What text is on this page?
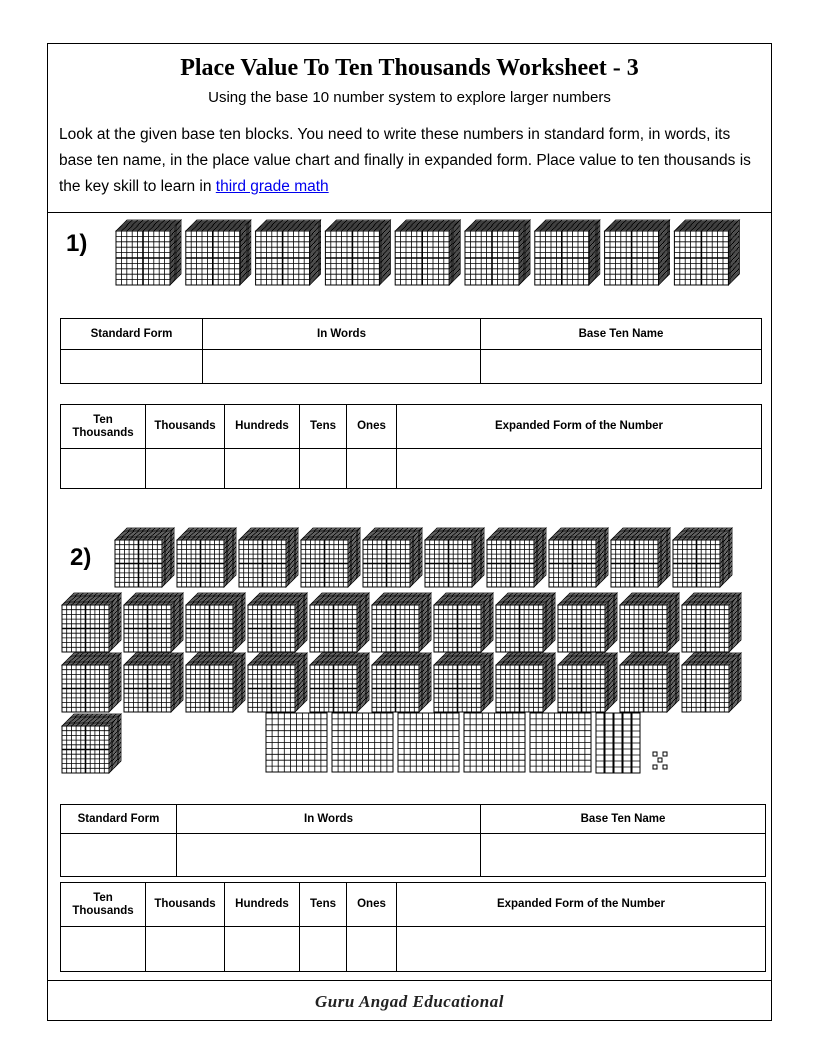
Place Value To Ten Thousands Worksheet - 3
Using the base 10 number system to explore larger numbers
Look at the given base ten blocks. You need to write these numbers in standard form, in words, its base ten name, in the place value chart and finally in expanded form. Place value to ten thousands is the key skill to learn in third grade math
1)
2)
Standard Form	In Words	Base Ten Name

Ten Thousands	Thousands	Hundreds	Tens	Ones	Expanded Form of the Number

Standard Form	In Words	Base Ten Name

Ten Thousands	Thousands	Hundreds	Tens	Ones	Expanded Form of the Number

Guru Angad Educational
